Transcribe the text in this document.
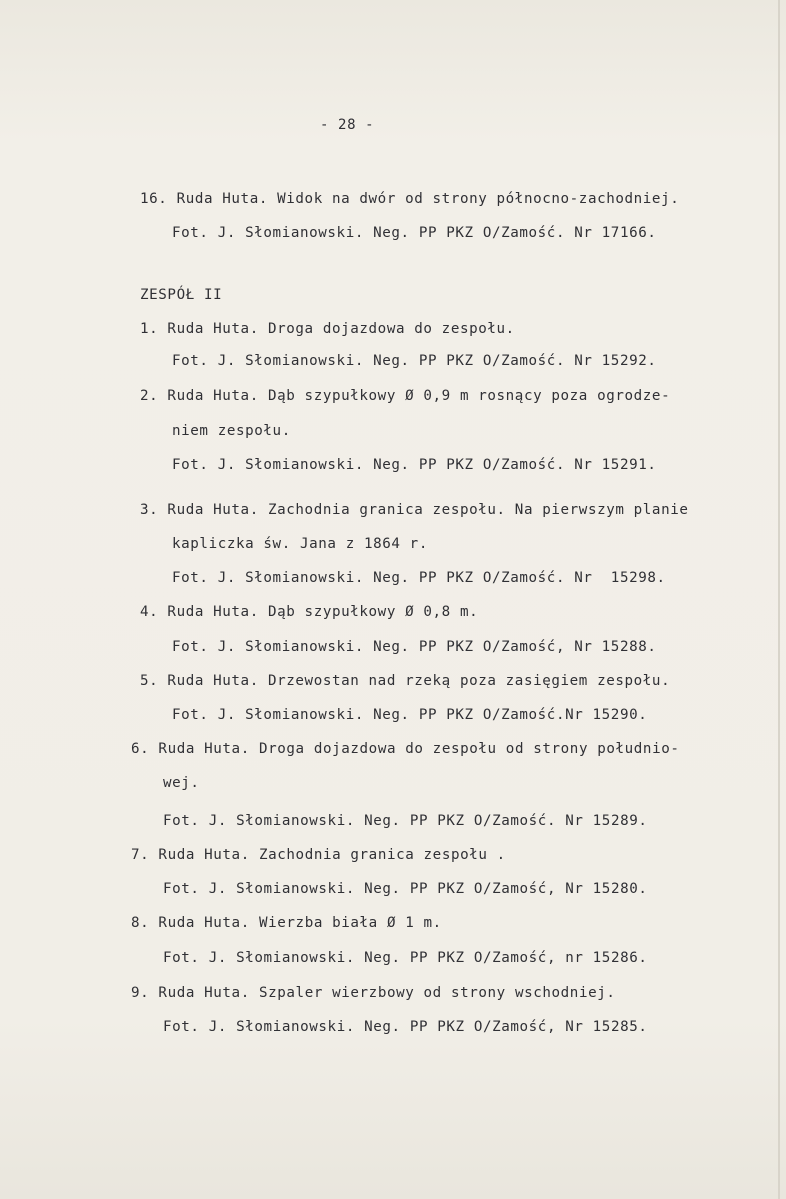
- 28 -
16. Ruda Huta. Widok na dwór od strony północno-zachodniej.
Fot. J. Słomianowski. Neg. PP PKZ O/Zamość. Nr 17166.
ZESPÓŁ II
1. Ruda Huta. Droga dojazdowa do zespołu.
Fot. J. Słomianowski. Neg. PP PKZ O/Zamość. Nr 15292.
2. Ruda Huta. Dąb szypułkowy Ø 0,9 m rosnący poza ogrodze-
niem zespołu.
Fot. J. Słomianowski. Neg. PP PKZ O/Zamość. Nr 15291.
3. Ruda Huta. Zachodnia granica zespołu. Na pierwszym planie
kapliczka św. Jana z 1864 r.
Fot. J. Słomianowski. Neg. PP PKZ O/Zamość. Nr  15298.
4. Ruda Huta. Dąb szypułkowy Ø 0,8 m.
Fot. J. Słomianowski. Neg. PP PKZ O/Zamość, Nr 15288.
5. Ruda Huta. Drzewostan nad rzeką poza zasięgiem zespołu.
Fot. J. Słomianowski. Neg. PP PKZ O/Zamość.Nr 15290.
6. Ruda Huta. Droga dojazdowa do zespołu od strony południo-
wej.
Fot. J. Słomianowski. Neg. PP PKZ O/Zamość. Nr 15289.
7. Ruda Huta. Zachodnia granica zespołu .
Fot. J. Słomianowski. Neg. PP PKZ O/Zamość, Nr 15280.
8. Ruda Huta. Wierzba biała Ø 1 m.
Fot. J. Słomianowski. Neg. PP PKZ O/Zamość, nr 15286.
9. Ruda Huta. Szpaler wierzbowy od strony wschodniej.
Fot. J. Słomianowski. Neg. PP PKZ O/Zamość, Nr 15285.
